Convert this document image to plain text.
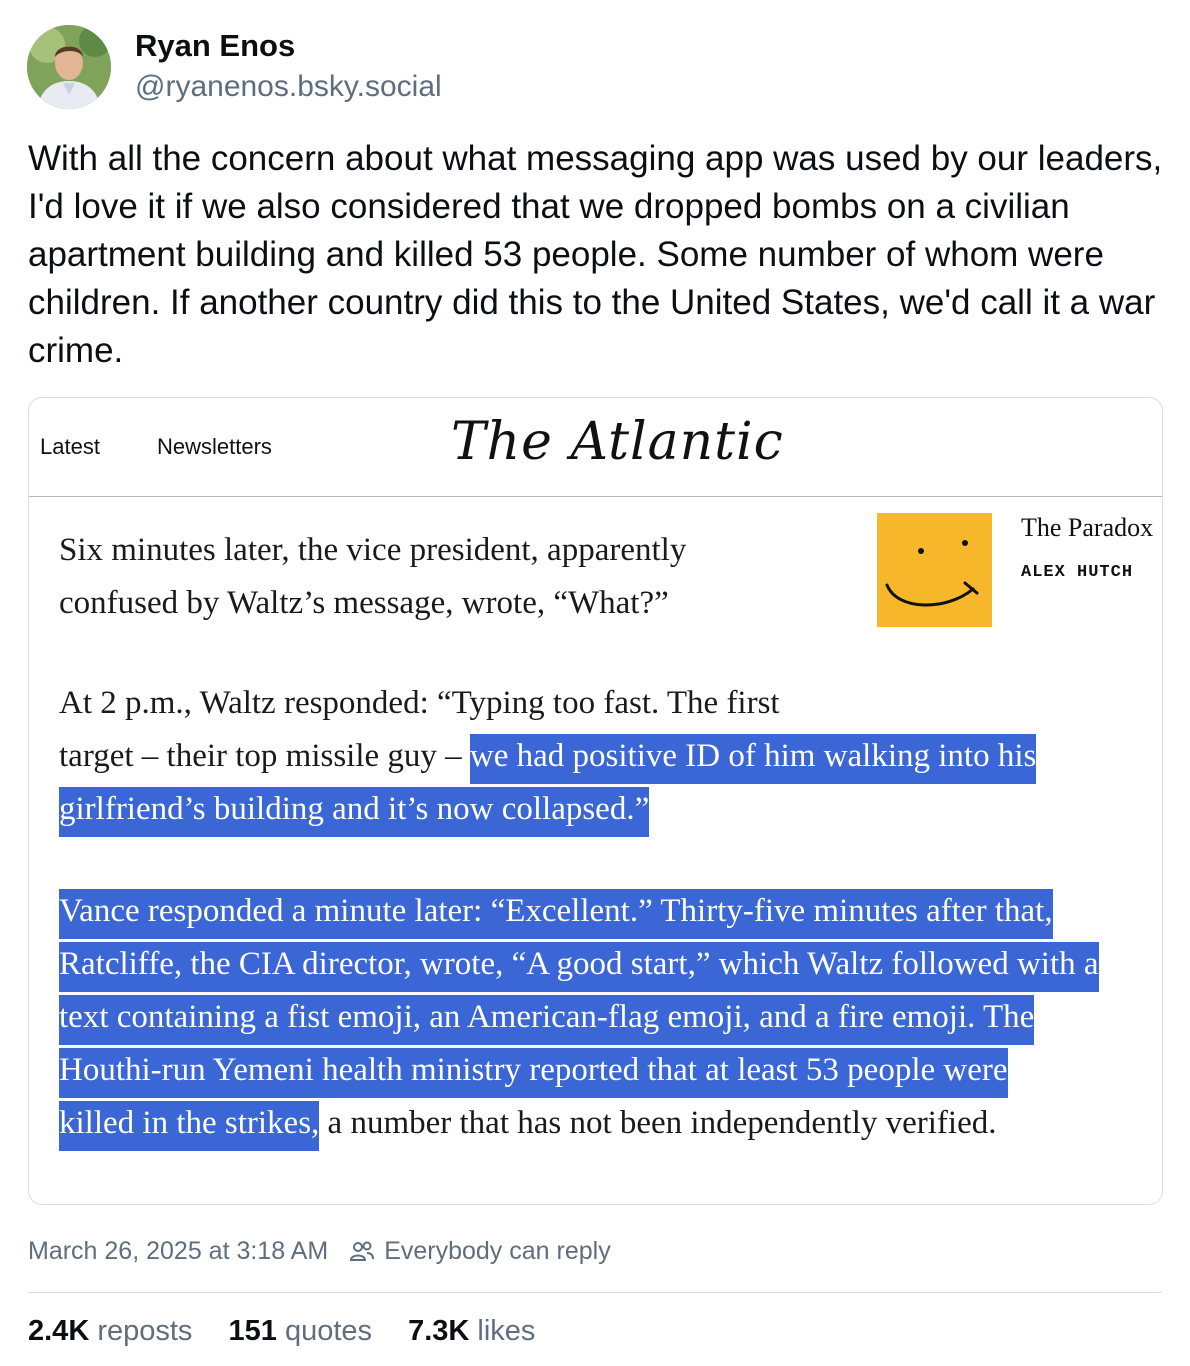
Ryan Enos
@ryanenos.bsky.social
With all the concern about what messaging app was used by our leaders, I'd love it if we also considered that we dropped bombs on a civilian apartment building and killed 53 people. Some number of whom were children. If another country did this to the United States, we'd call it a war crime.
Latest	Newsletters	The Atlantic
The Paradox
ALEX HUTCH
Six minutes later, the vice president, apparently
confused by Waltz’s message, wrote, “What?”
At 2 p.m., Waltz responded: “Typing too fast. The first
target – their top missile guy – we had positive ID of him walking into his
girlfriend’s building and it’s now collapsed.”
Vance responded a minute later: “Excellent.” Thirty-five minutes after that,
Ratcliffe, the CIA director, wrote, “A good start,” which Waltz followed with a
text containing a fist emoji, an American-flag emoji, and a fire emoji. The
Houthi-run Yemeni health ministry reported that at least 53 people were
killed in the strikes, a number that has not been independently verified.
March 26, 2025 at 3:18 AM Everybody can reply
2.4K reposts 151 quotes 7.3K likes
